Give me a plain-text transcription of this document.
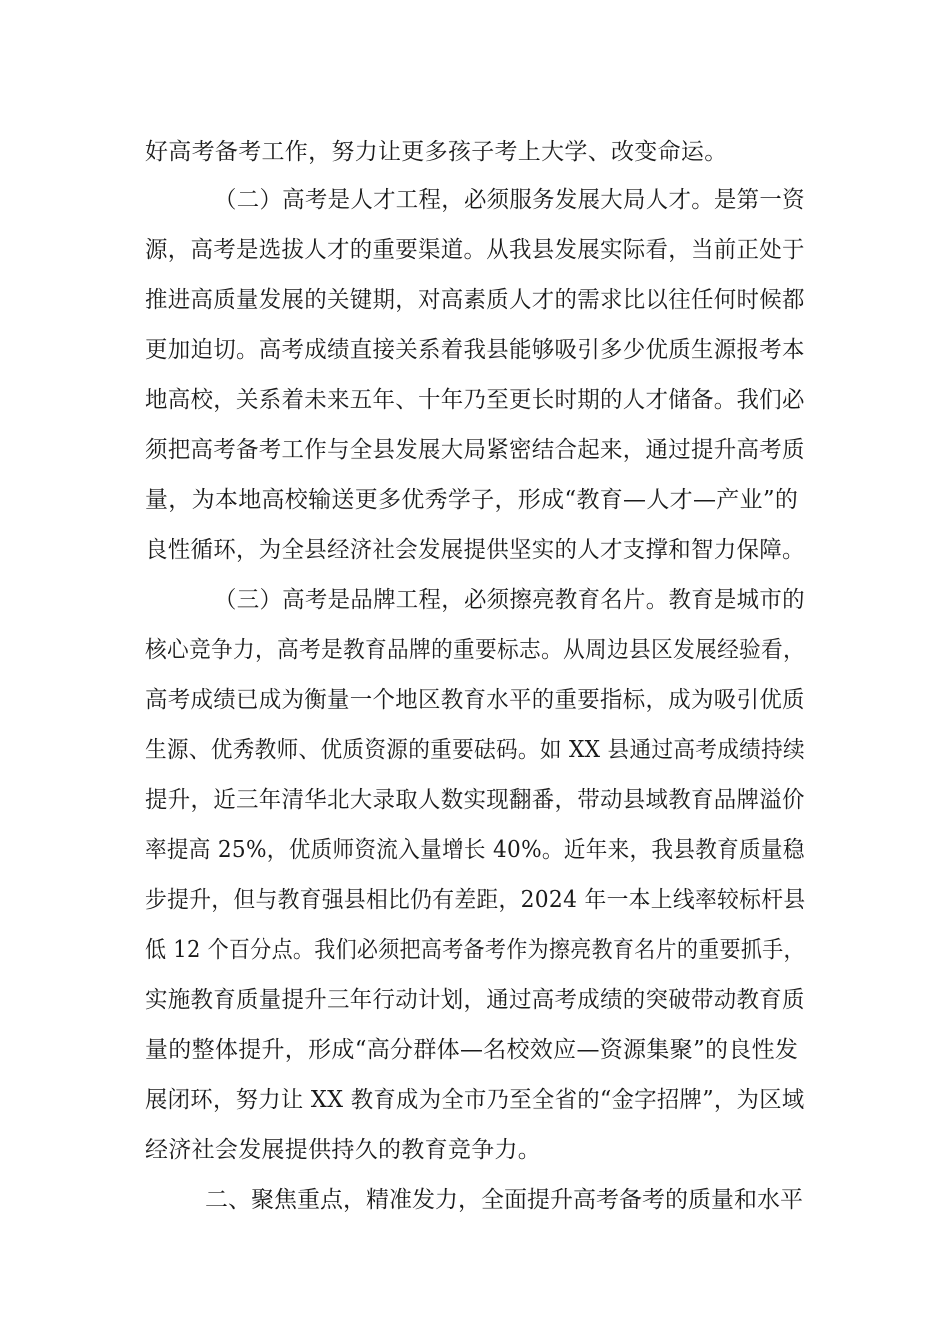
好高考备考工作，努力让更多孩子考上大学、改变命运。
（二）高考是人才工程，必须服务发展大局人才。是第一资
源，高考是选拔人才的重要渠道。从我县发展实际看，当前正处于
推进高质量发展的关键期，对高素质人才的需求比以往任何时候都
更加迫切。高考成绩直接关系着我县能够吸引多少优质生源报考本
地高校，关系着未来五年、十年乃至更长时期的人才储备。我们必
须把高考备考工作与全县发展大局紧密结合起来，通过提升高考质
量，为本地高校输送更多优秀学子，形成“教育—人才—产业”的
良性循环，为全县经济社会发展提供坚实的人才支撑和智力保障。
（三）高考是品牌工程，必须擦亮教育名片。教育是城市的
核心竞争力，高考是教育品牌的重要标志。从周边县区发展经验看，
高考成绩已成为衡量一个地区教育水平的重要指标，成为吸引优质
生源、优秀教师、优质资源的重要砝码。如 XX 县通过高考成绩持续
提升，近三年清华北大录取人数实现翻番，带动县域教育品牌溢价
率提高 25%，优质师资流入量增长 40%。近年来，我县教育质量稳
步提升，但与教育强县相比仍有差距，2024 年一本上线率较标杆县
低 12 个百分点。我们必须把高考备考作为擦亮教育名片的重要抓手，
实施教育质量提升三年行动计划，通过高考成绩的突破带动教育质
量的整体提升，形成“高分群体—名校效应—资源集聚”的良性发
展闭环，努力让 XX 教育成为全市乃至全省的“金字招牌”，为区域
经济社会发展提供持久的教育竞争力。
二、聚焦重点，精准发力，全面提升高考备考的质量和水平
